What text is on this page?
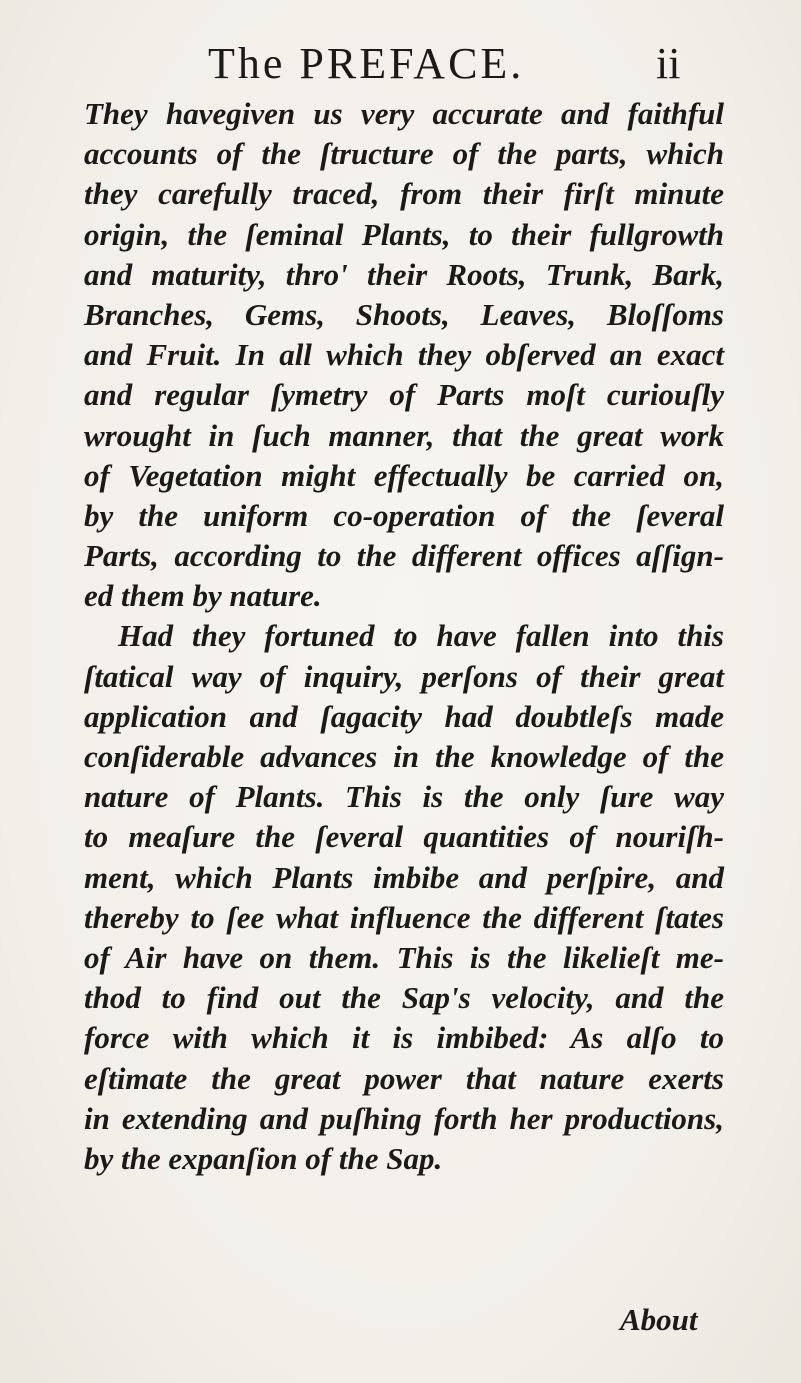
The PREFACE.	ii
They havegiven us very accurate and faithful
accounts of the ſtructure of the parts, which
they carefully traced, from their firſt minute
origin, the ſeminal Plants, to their fullgrowth
and maturity, thro' their Roots, Trunk, Bark,
Branches, Gems, Shoots, Leaves, Bloſſoms
and Fruit. In all which they obſerved an exact
and regular ſymetry of Parts moſt curiouſly
wrought in ſuch manner, that the great work
of Vegetation might effectually be carried on,
by the uniform co-operation of the ſeveral
Parts, according to the different offices aſſign-
ed them by nature.
Had they fortuned to have fallen into this
ſtatical way of inquiry, perſons of their great
application and ſagacity had doubtleſs made
conſiderable advances in the knowledge of the
nature of Plants. This is the only ſure way
to meaſure the ſeveral quantities of nouriſh-
ment, which Plants imbibe and perſpire, and
thereby to ſee what influence the different ſtates
of Air have on them. This is the likelieſt me-
thod to find out the Sap's velocity, and the
force with which it is imbibed: As alſo to
eſtimate the great power that nature exerts
in extending and puſhing forth her productions,
by the expanſion of the Sap.
About
